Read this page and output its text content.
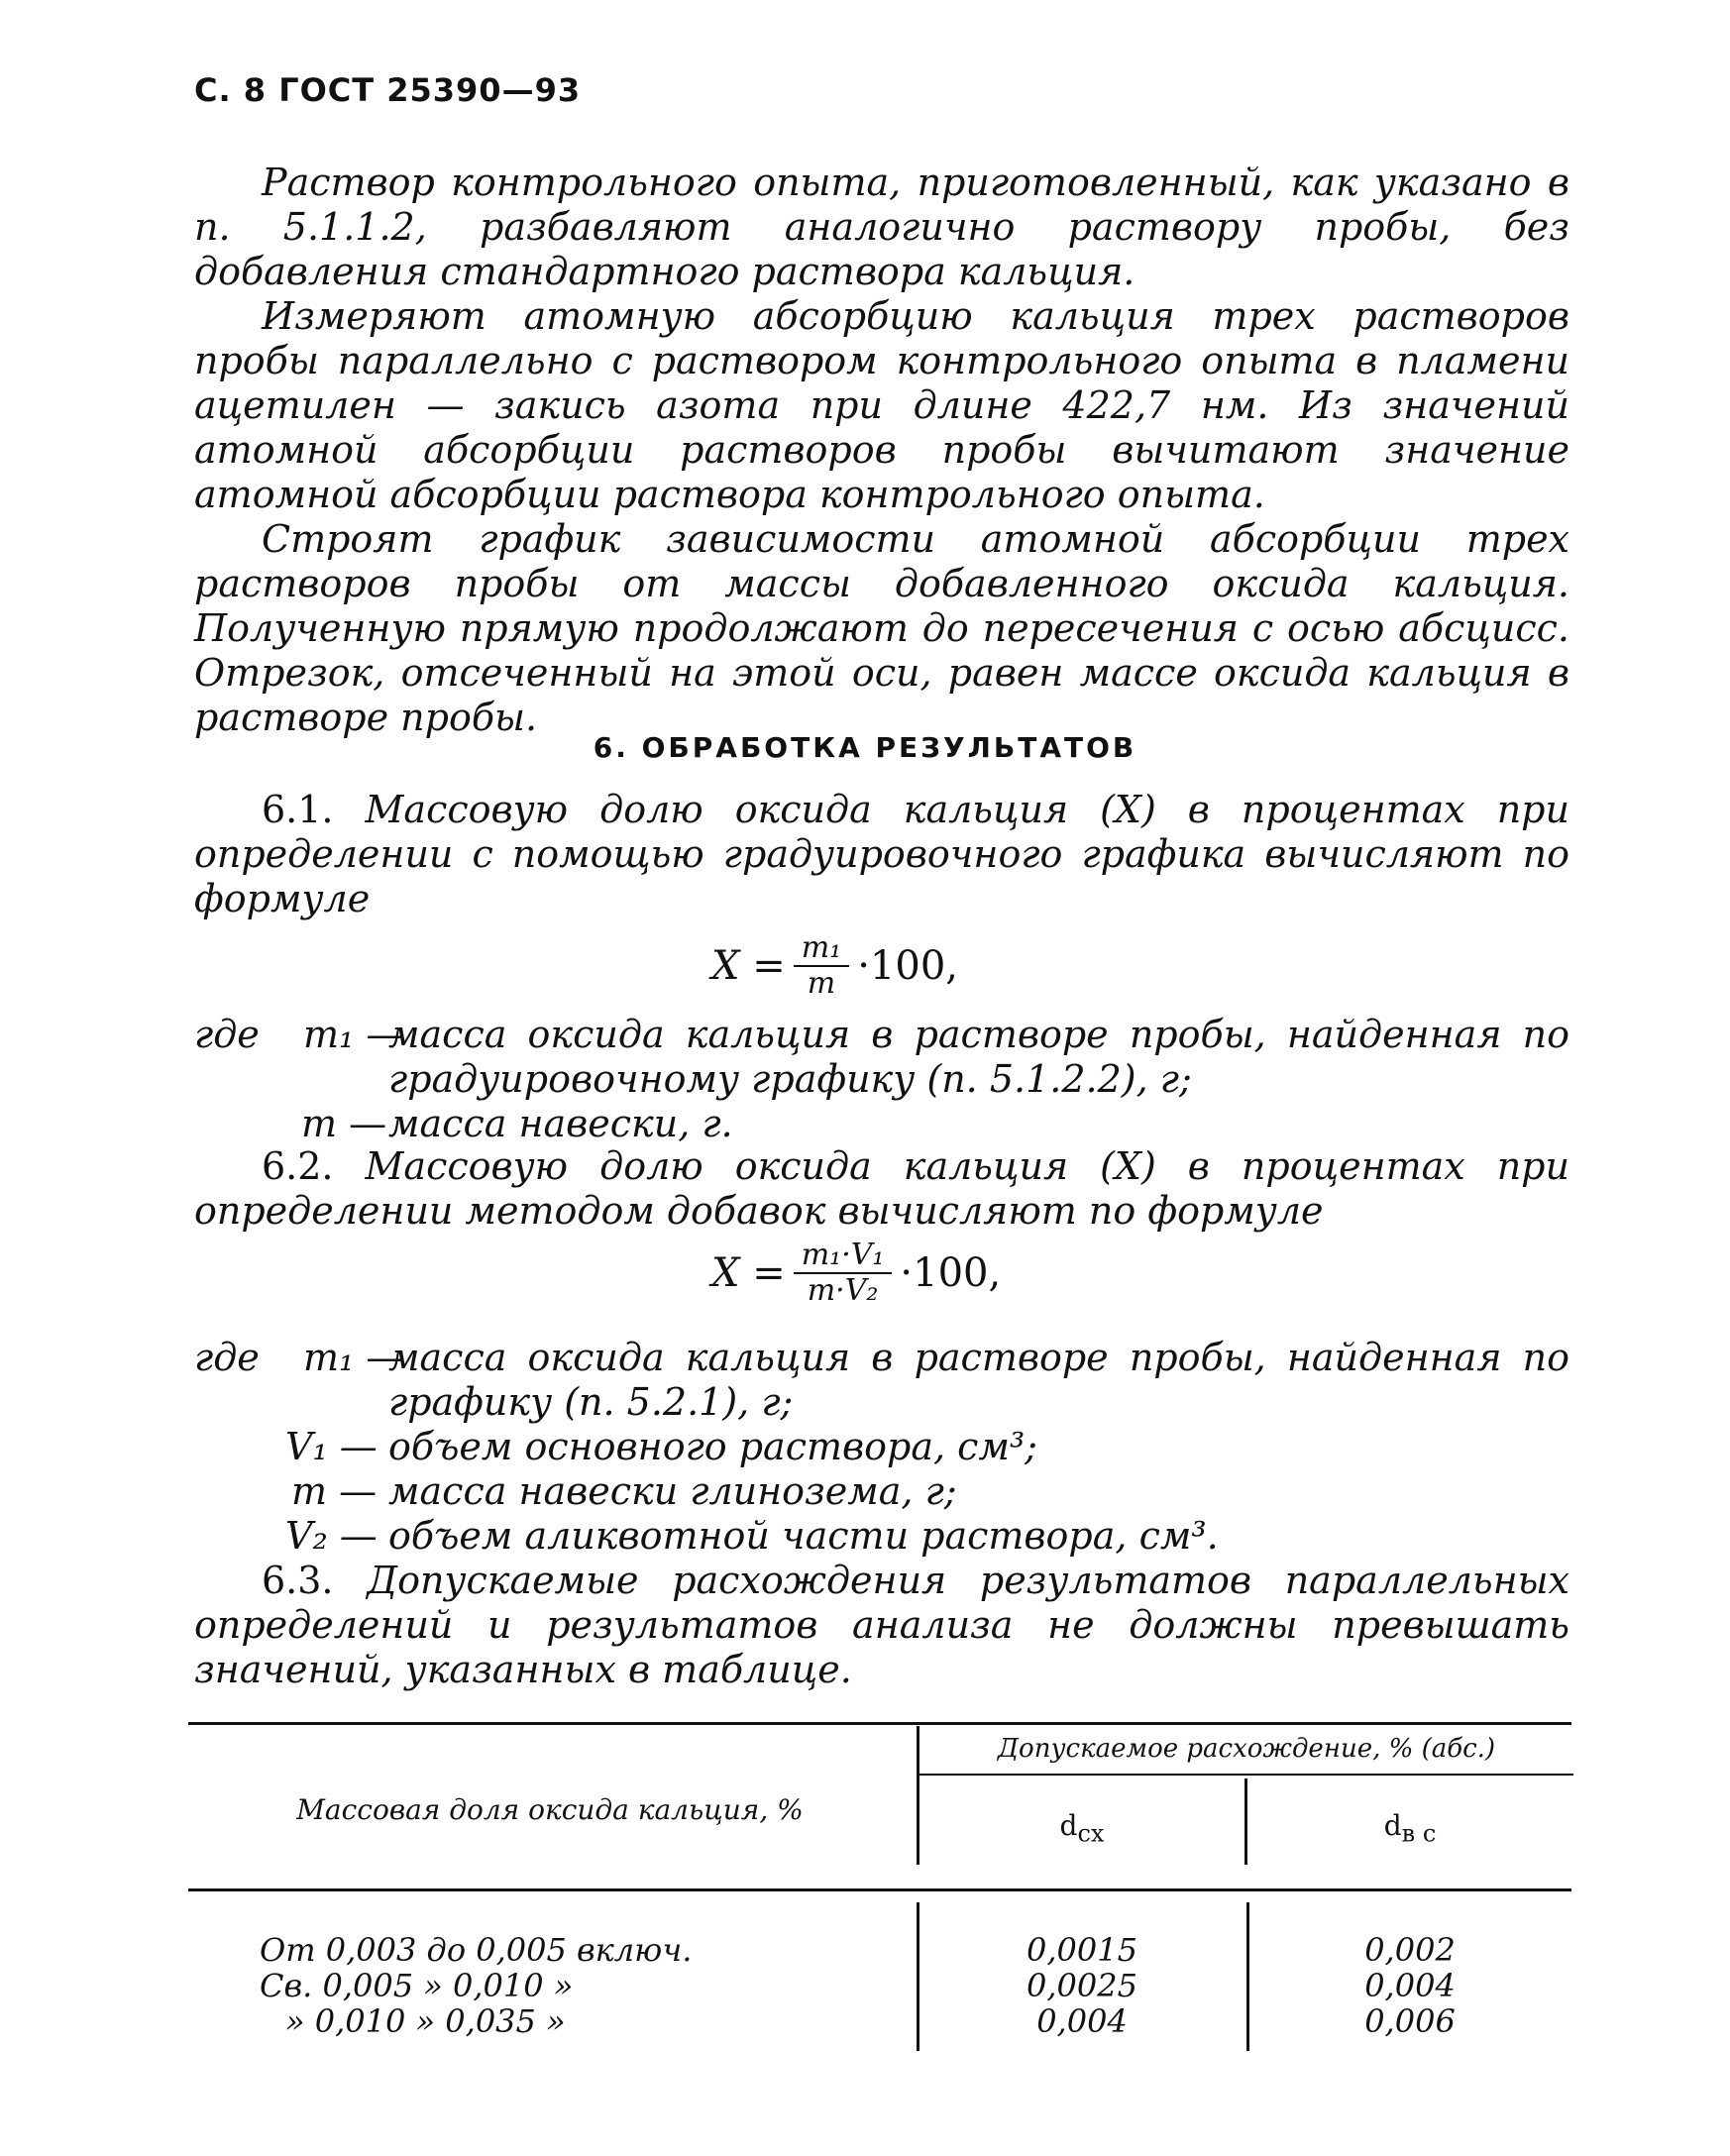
С. 8 ГОСТ 25390—93

Раствор контрольного опыта, приготовленный, как указано в п. 5.1.1.2, разбавляют аналогично раствору пробы, без добавления стандартного раствора кальция.

Измеряют атомную абсорбцию кальция трех растворов пробы параллельно с раствором контрольного опыта в пламени ацетилен — закись азота при длине 422,7 нм. Из значений атомной абсорбции растворов пробы вычитают значение атомной абсорбции раствора контрольного опыта.

Строят график зависимости атомной абсорбции трех растворов пробы от массы добавленного оксида кальция. Полученную прямую продолжают до пересечения с осью абсцисс. Отрезок, отсеченный на этой оси, равен массе оксида кальция в растворе пробы.

6. ОБРАБОТКА РЕЗУЛЬТАТОВ

6.1. Массовую долю оксида кальция (X) в процентах при определении с помощью градуировочного графика вычисляют по формуле

$X = \frac{\text{m₁}}{m} \cdot 100$,
где m₁ —
масса оксида кальция в растворе пробы, найденная по
градуировочному графику (п. 5.1.2.2), г;
m — масса навески, г.

6.2. Массовую долю оксида кальция (X) в процентах при определении методом добавок вычисляют по формуле

$X = \frac{\text{m₁·V₁}}{\text{m·V₂}} \cdot 100$,
где m₁ —
масса оксида кальция в растворе пробы, найденная по
графику (п. 5.2.1), г;
V₁ — объем основного раствора, см³;
m — масса навески глинозема, г;
V₂ — объем аликвотной части раствора, см³.

6.3. Допускаемые расхождения результатов параллельных определений и результатов анализа не должны превышать значений, указанных в таблице.

Массовая доля оксида кальция, %
Допускаемое расхождение, % (абс.)
$d_{сх}$	$d_{в с}$
От 0,003 до 0,005 включ.	0,0015	0,002
Св. 0,005 » 0,010 »	0,0025	0,004
» 0,010 » 0,035 »	0,004	0,006
